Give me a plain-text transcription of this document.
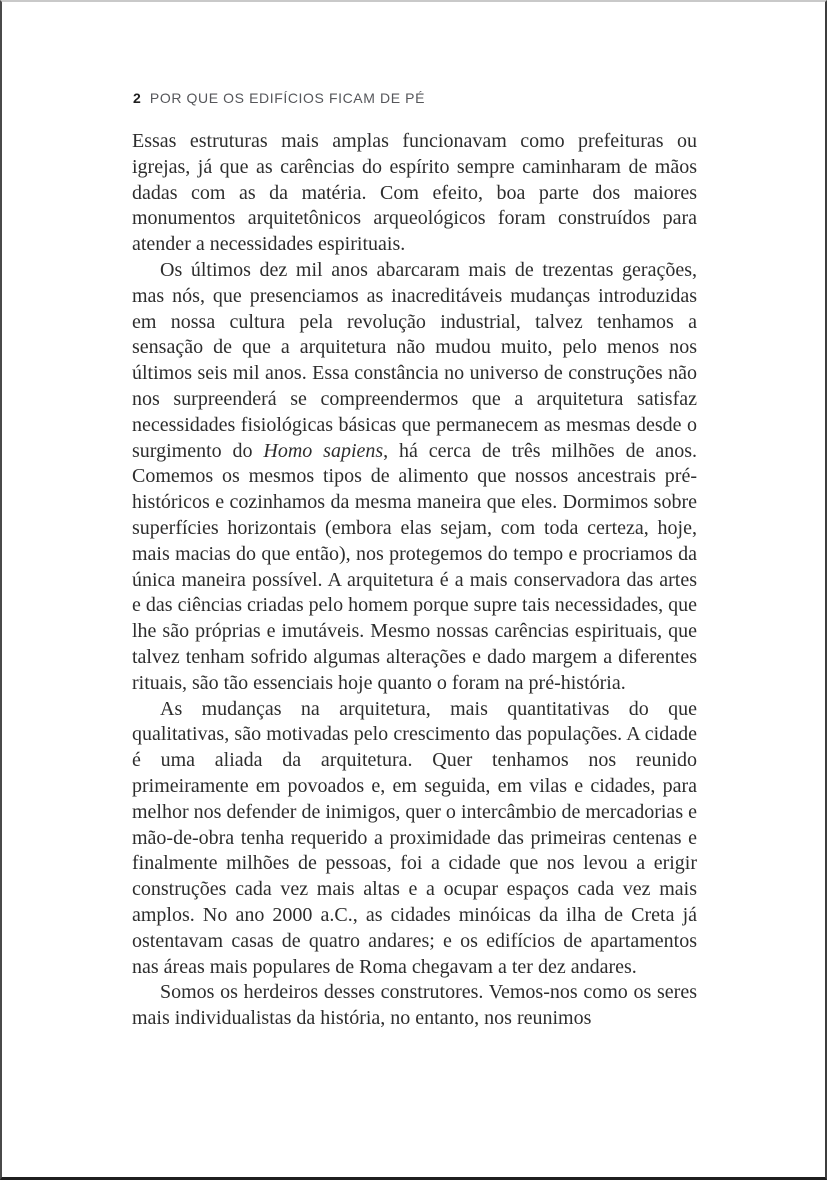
2 POR QUE OS EDIFÍCIOS FICAM DE PÉ

Essas estruturas mais amplas funcionavam como prefeituras ou igrejas, já que as carências do espírito sempre caminharam de mãos dadas com as da matéria. Com efeito, boa parte dos maiores monumentos arquitetônicos arqueológicos foram construídos para atender a necessidades espirituais.

Os últimos dez mil anos abarcaram mais de trezentas gerações, mas nós, que presenciamos as inacreditáveis mudanças introduzidas em nossa cultura pela revolução industrial, talvez tenhamos a sensação de que a arquitetura não mudou muito, pelo menos nos últimos seis mil anos. Essa constância no universo de construções não nos surpreenderá se compreendermos que a arquitetura satisfaz necessidades fisiológicas básicas que permanecem as mesmas desde o surgimento do Homo sapiens, há cerca de três milhões de anos. Comemos os mesmos tipos de alimento que nossos ancestrais pré-históricos e cozinhamos da mesma maneira que eles. Dormimos sobre superfícies horizontais (embora elas sejam, com toda certeza, hoje, mais macias do que então), nos protegemos do tempo e procriamos da única maneira possível. A arquitetura é a mais conservadora das artes e das ciências criadas pelo homem porque supre tais necessidades, que lhe são próprias e imutáveis. Mesmo nossas carências espirituais, que talvez tenham sofrido algumas alterações e dado margem a diferentes rituais, são tão essenciais hoje quanto o foram na pré-história.

As mudanças na arquitetura, mais quantitativas do que qualitativas, são motivadas pelo crescimento das populações. A cidade é uma aliada da arquitetura. Quer tenhamos nos reunido primeiramente em povoados e, em seguida, em vilas e cidades, para melhor nos defender de inimigos, quer o intercâmbio de mercadorias e mão-de-obra tenha requerido a proximidade das primeiras centenas e finalmente milhões de pessoas, foi a cidade que nos levou a erigir construções cada vez mais altas e a ocupar espaços cada vez mais amplos. No ano 2000 a.C., as cidades minóicas da ilha de Creta já ostentavam casas de quatro andares; e os edifícios de apartamentos nas áreas mais populares de Roma chegavam a ter dez andares.

Somos os herdeiros desses construtores. Vemos-nos como os seres mais individualistas da história, no entanto, nos reunimos
